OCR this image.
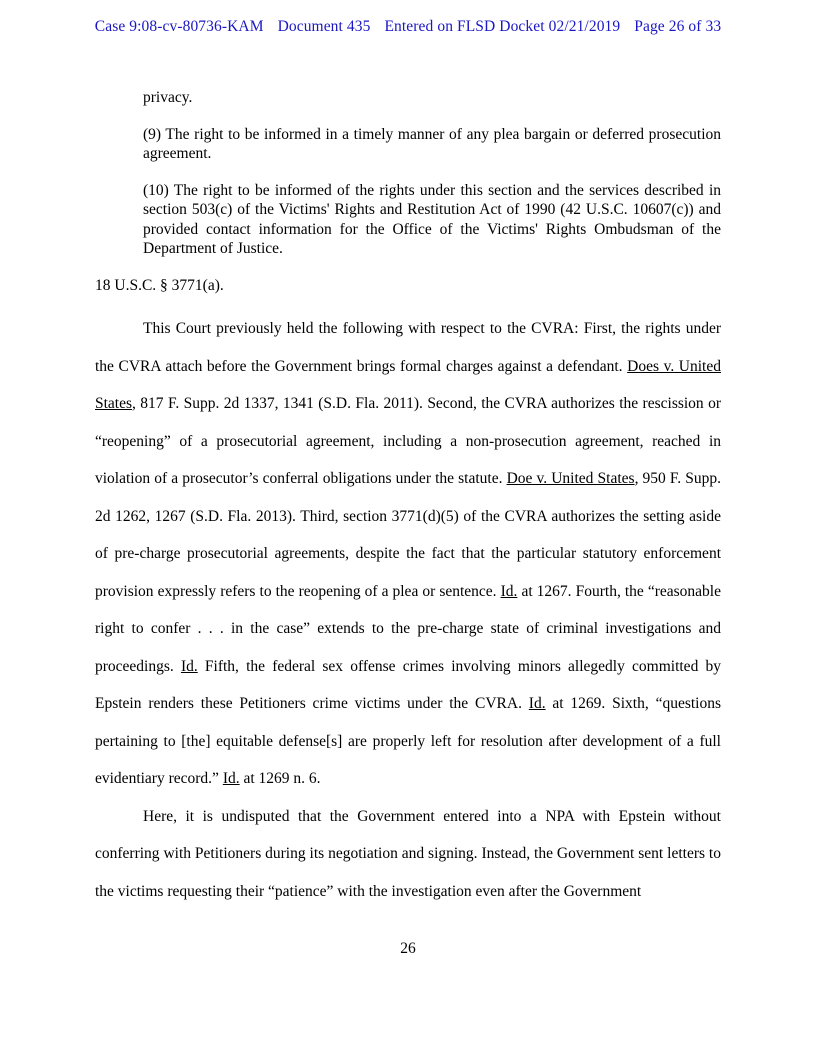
Case 9:08-cv-80736-KAM Document 435 Entered on FLSD Docket 02/21/2019 Page 26 of 33
privacy.
(9) The right to be informed in a timely manner of any plea bargain or deferred prosecution agreement.
(10) The right to be informed of the rights under this section and the services described in section 503(c) of the Victims' Rights and Restitution Act of 1990 (42 U.S.C. 10607(c)) and provided contact information for the Office of the Victims' Rights Ombudsman of the Department of Justice.
18 U.S.C. § 3771(a).

This Court previously held the following with respect to the CVRA: First, the rights under the CVRA attach before the Government brings formal charges against a defendant. Does v. United States, 817 F. Supp. 2d 1337, 1341 (S.D. Fla. 2011). Second, the CVRA authorizes the rescission or “reopening” of a prosecutorial agreement, including a non-prosecution agreement, reached in violation of a prosecutor’s conferral obligations under the statute. Doe v. United States, 950 F. Supp. 2d 1262, 1267 (S.D. Fla. 2013). Third, section 3771(d)(5) of the CVRA authorizes the setting aside of pre-charge prosecutorial agreements, despite the fact that the particular statutory enforcement provision expressly refers to the reopening of a plea or sentence. Id. at 1267. Fourth, the “reasonable right to confer . . . in the case” extends to the pre-charge state of criminal investigations and proceedings. Id. Fifth, the federal sex offense crimes involving minors allegedly committed by Epstein renders these Petitioners crime victims under the CVRA. Id. at 1269. Sixth, “questions pertaining to [the] equitable defense[s] are properly left for resolution after development of a full evidentiary record.” Id. at 1269 n. 6.

Here, it is undisputed that the Government entered into a NPA with Epstein without conferring with Petitioners during its negotiation and signing. Instead, the Government sent letters to the victims requesting their “patience” with the investigation even after the Government

26
